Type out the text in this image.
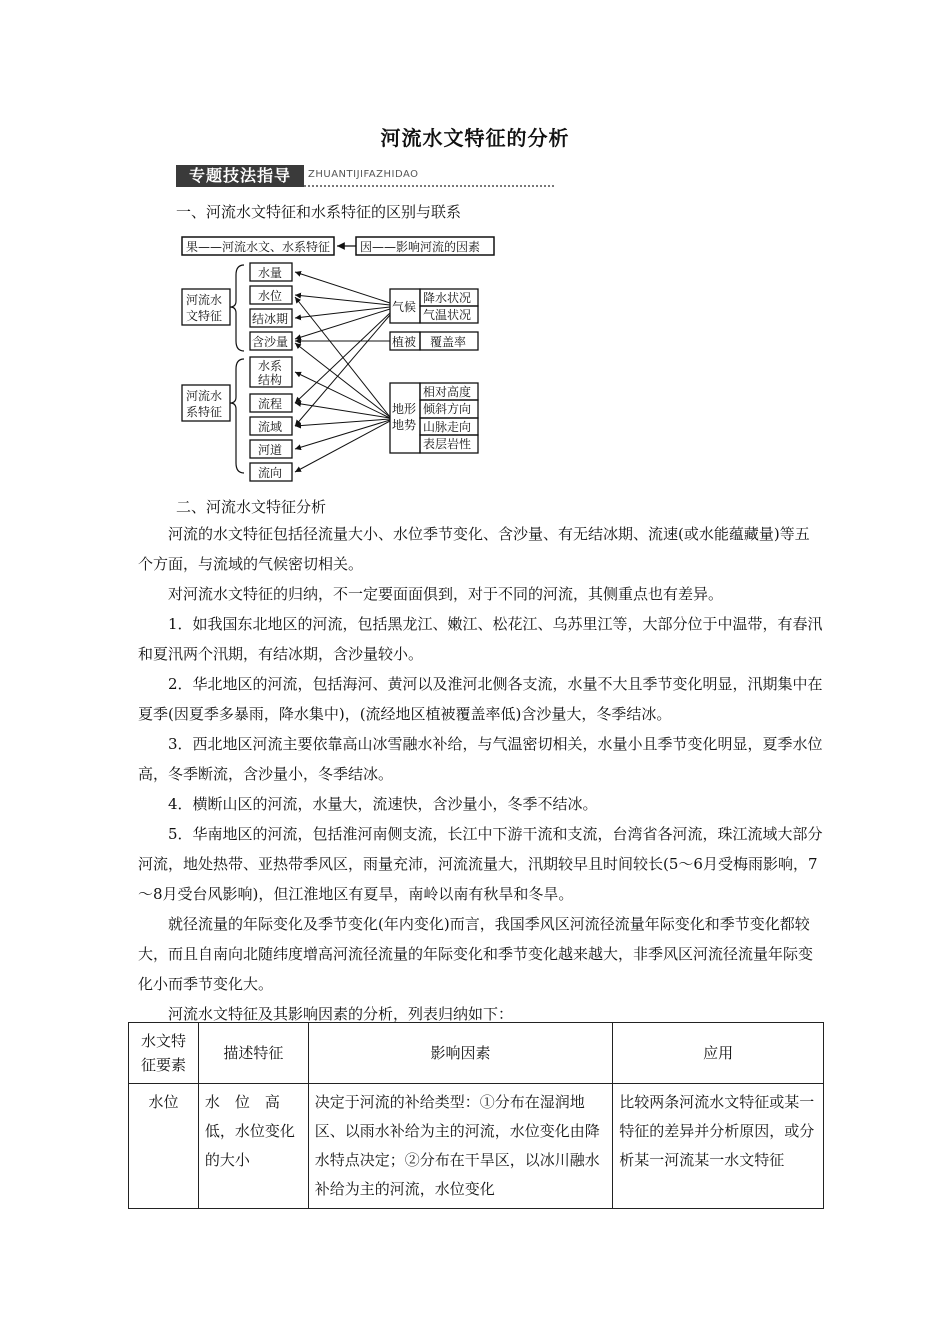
河流水文特征的分析
专题技法指导	ZHUANTIJIFAZHIDAO
一、河流水文特征和水系特征的区别与联系
果——河流水文、水系特征 因——影响河流的因素
河流水
文特征
水量
水位
结冰期
含沙量
河流水
系特征
水系
结构
流程
流域
河道
流向
气候
降水状况
气温状况
植被 覆盖率
地形
地势
相对高度
倾斜方向
山脉走向
表层岩性
二、河流水文特征分析

河流的水文特征包括径流量大小、水位季节变化、含沙量、有无结冰期、流速(或水能蕴藏量)等五个方面，与流域的气候密切相关。

对河流水文特征的归纳，不一定要面面俱到，对于不同的河流，其侧重点也有差异。

1．如我国东北地区的河流，包括黑龙江、嫩江、松花江、乌苏里江等，大部分位于中温带，有春汛和夏汛两个汛期，有结冰期，含沙量较小。

2．华北地区的河流，包括海河、黄河以及淮河北侧各支流，水量不大且季节变化明显，汛期集中在夏季(因夏季多暴雨，降水集中)，(流经地区植被覆盖率低)含沙量大，冬季结冰。

3．西北地区河流主要依靠高山冰雪融水补给，与气温密切相关，水量小且季节变化明显，夏季水位高，冬季断流，含沙量小，冬季结冰。

4．横断山区的河流，水量大，流速快，含沙量小，冬季不结冰。

5．华南地区的河流，包括淮河南侧支流，长江中下游干流和支流，台湾省各河流，珠江流域大部分河流，地处热带、亚热带季风区，雨量充沛，河流流量大，汛期较早且时间较长(5～6月受梅雨影响，7～8月受台风影响)，但江淮地区有夏旱，南岭以南有秋旱和冬旱。

就径流量的年际变化及季节变化(年内变化)而言，我国季风区河流径流量年际变化和季节变化都较大，而且自南向北随纬度增高河流径流量的年际变化和季节变化越来越大，非季风区河流径流量年际变化小而季节变化大。

河流水文特征及其影响因素的分析，列表归纳如下：

水文特征要素	描述特征	影响因素	应用
水位	水　位　高低，水位变化的大小	决定于河流的补给类型：①分布在湿润地区、以雨水补给为主的河流，水位变化由降水特点决定；②分布在干旱区，以冰川融水补给为主的河流，水位变化	比较两条河流水文特征或某一特征的差异并分析原因，或分析某一河流某一水文特征
